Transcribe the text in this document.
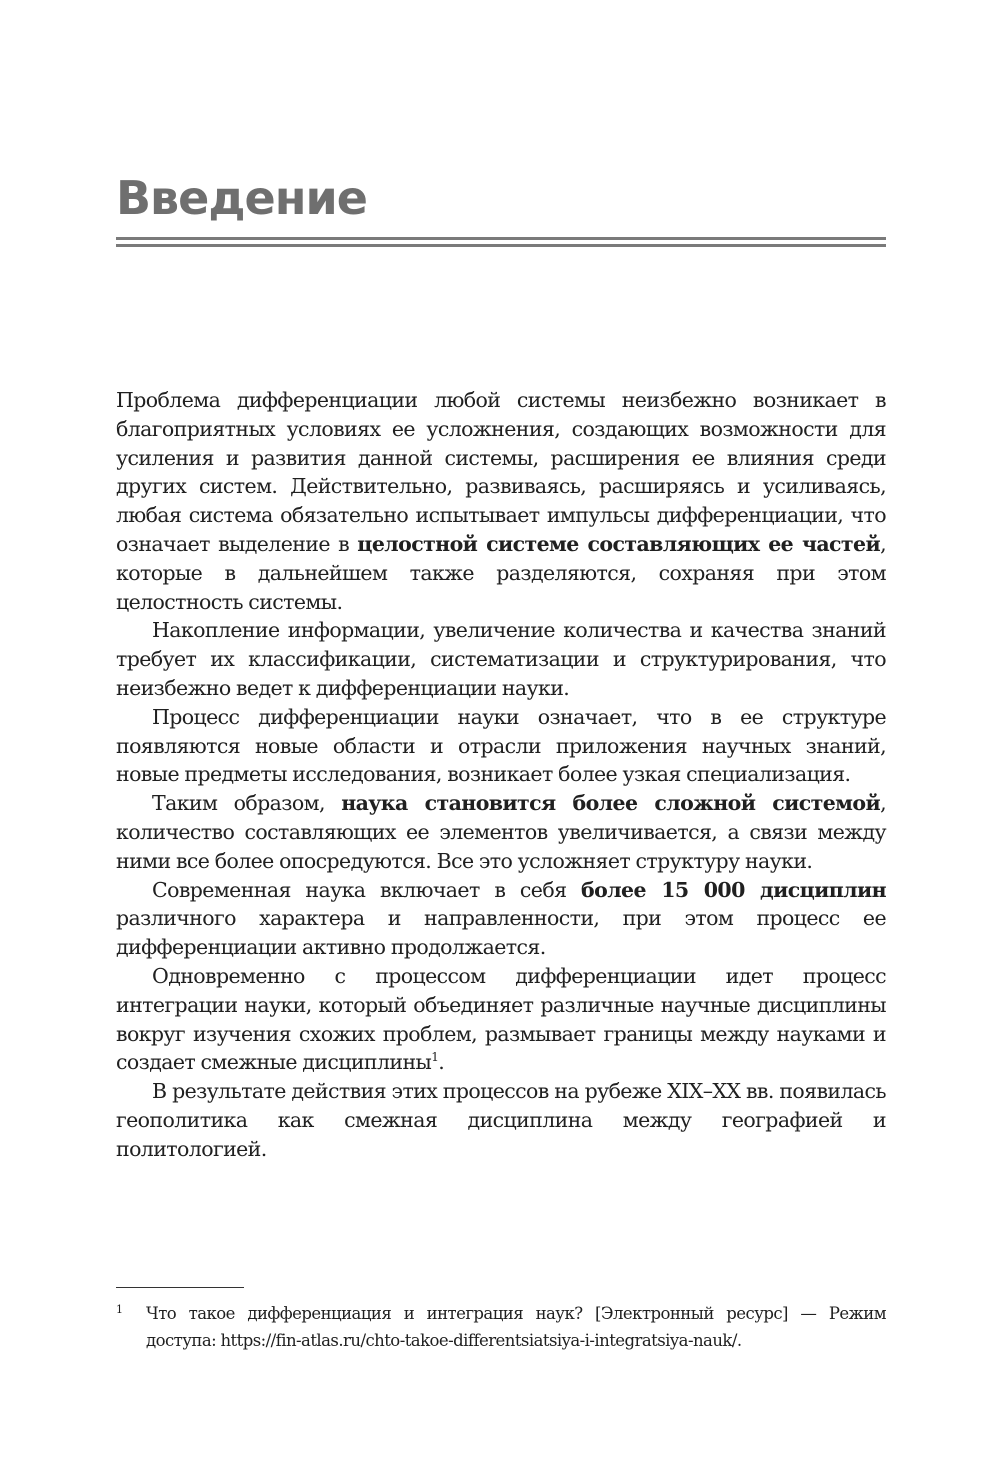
Введение

Проблема дифференциации любой системы неизбежно возникает в благоприятных условиях ее усложнения, создающих возможности для усиления и развития данной системы, расширения ее влияния среди других систем. Действительно, развиваясь, расширяясь и усиливаясь, любая система обязательно испытывает импульсы дифференциации, что означает выделение в целостной системе составляющих ее частей, которые в дальнейшем также разделяются, сохраняя при этом целостность системы.

Накопление информации, увеличение количества и качества знаний требует их классификации, систематизации и структурирования, что неизбежно ведет к дифференциации науки.

Процесс дифференциации науки означает, что в ее структуре появляются новые области и отрасли приложения научных знаний, новые предметы исследования, возникает более узкая специализация.

Таким образом, наука становится более сложной системой, количество составляющих ее элементов увеличивается, а связи между ними все более опосредуются. Все это усложняет структуру науки.

Современная наука включает в себя более 15 000 дисциплин различного характера и направленности, при этом процесс ее дифференциации активно продолжается.

Одновременно с процессом дифференциации идет процесс интеграции науки, который объединяет различные научные дисциплины вокруг изучения схожих проблем, размывает границы между науками и создает смежные дисциплины$^1$.

В результате действия этих процессов на рубеже XIX–XX вв. появилась геополитика как смежная дисциплина между географией и политологией.

1 Что такое дифференциация и интеграция наук? [Электронный ресурс] — Режим доступа: https://fin-atlas.ru/chto-takoe-differentsiatsiya-i-integratsiya-nauk/.
